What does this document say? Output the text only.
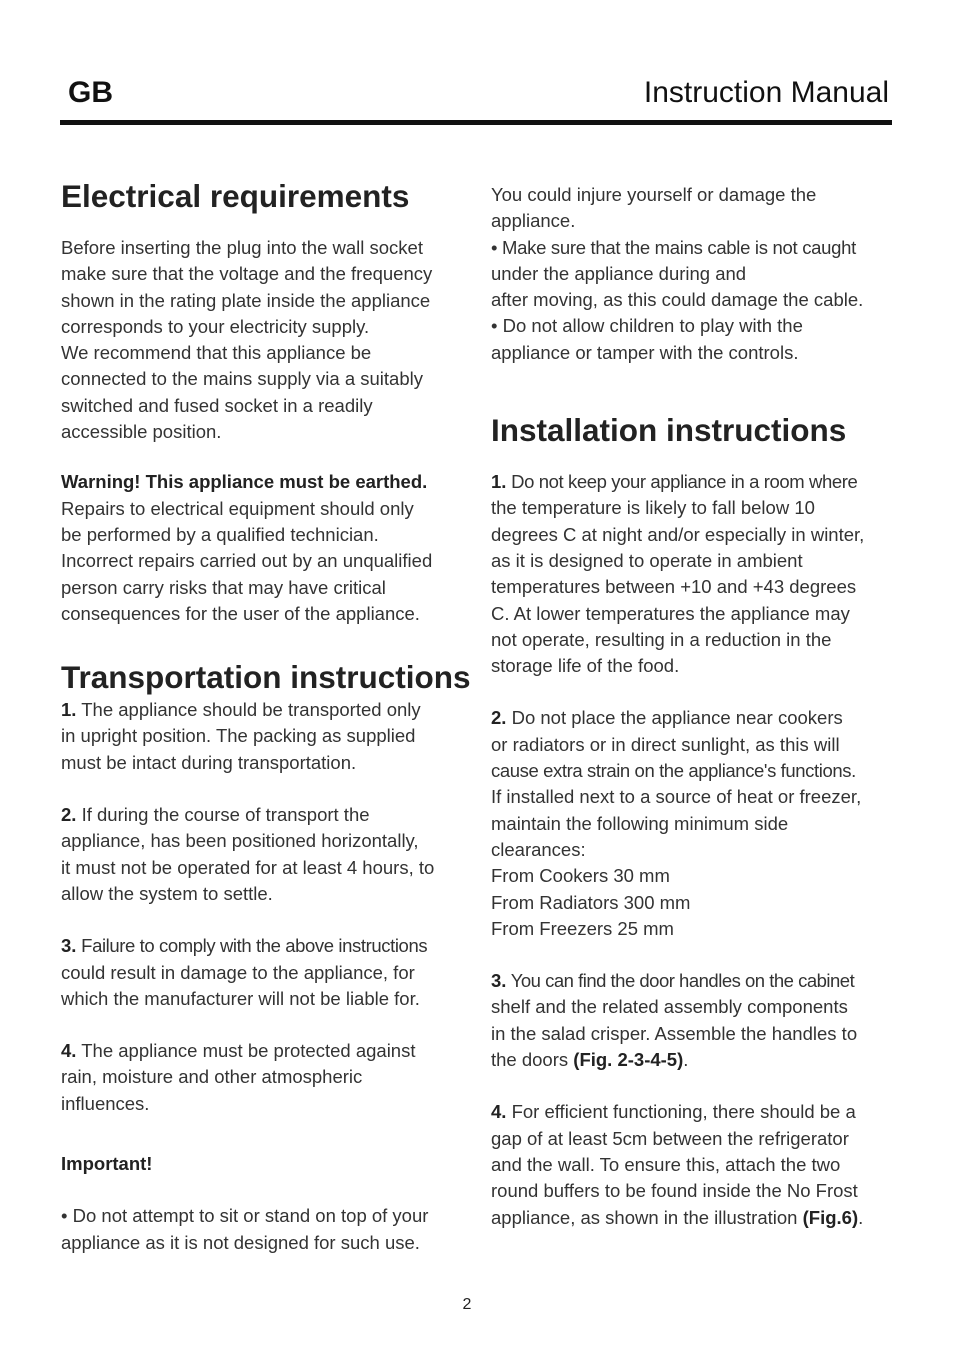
GB	Instruction Manual
Electrical requirements

Before inserting the plug into the wall socket
make sure that the voltage and the frequency
shown in the rating plate inside the appliance
corresponds to your electricity supply.
We recommend that this appliance be
connected to the mains supply via a suitably
switched and fused socket in a readily
accessible position.

Warning! This appliance must be earthed.
Repairs to electrical equipment should only
be performed by a qualified technician.
Incorrect repairs carried out by an unqualified
person carry risks that may have critical
consequences for the user of the appliance.

Transportation instructions

1. The appliance should be transported only
in upright position. The packing as supplied
must be intact during transportation.

2. If during the course of transport the
appliance, has been positioned horizontally,
it must not be operated for at least 4 hours, to
allow the system to settle.

3. Failure to comply with the above instructions
could result in damage to the appliance, for
which the manufacturer will not be liable for.

4. The appliance must be protected against
rain, moisture and other atmospheric
influences.

Important!

• Do not attempt to sit or stand on top of your
appliance as it is not designed for such use.

You could injure yourself or damage the
appliance.
• Make sure that the mains cable is not caught
under the appliance during and
after moving, as this could damage the cable.
• Do not allow children to play with the
appliance or tamper with the controls.

Installation instructions

1. Do not keep your appliance in a room where
the temperature is likely to fall below 10
degrees C at night and/or especially in winter,
as it is designed to operate in ambient
temperatures between +10 and +43 degrees
C. At lower temperatures the appliance may
not operate, resulting in a reduction in the
storage life of the food.

2. Do not place the appliance near cookers
or radiators or in direct sunlight, as this will
cause extra strain on the appliance's functions.
If installed next to a source of heat or freezer,
maintain the following minimum side
clearances:
From Cookers 30 mm
From Radiators 300 mm
From Freezers 25 mm

3. You can find the door handles on the cabinet
shelf and the related assembly components
in the salad crisper. Assemble the handles to
the doors (Fig. 2-3-4-5).

4. For efficient functioning, there should be a
gap of at least 5cm between the refrigerator
and the wall. To ensure this, attach the two
round buffers to be found inside the No Frost
appliance, as shown in the illustration (Fig.6).

2
